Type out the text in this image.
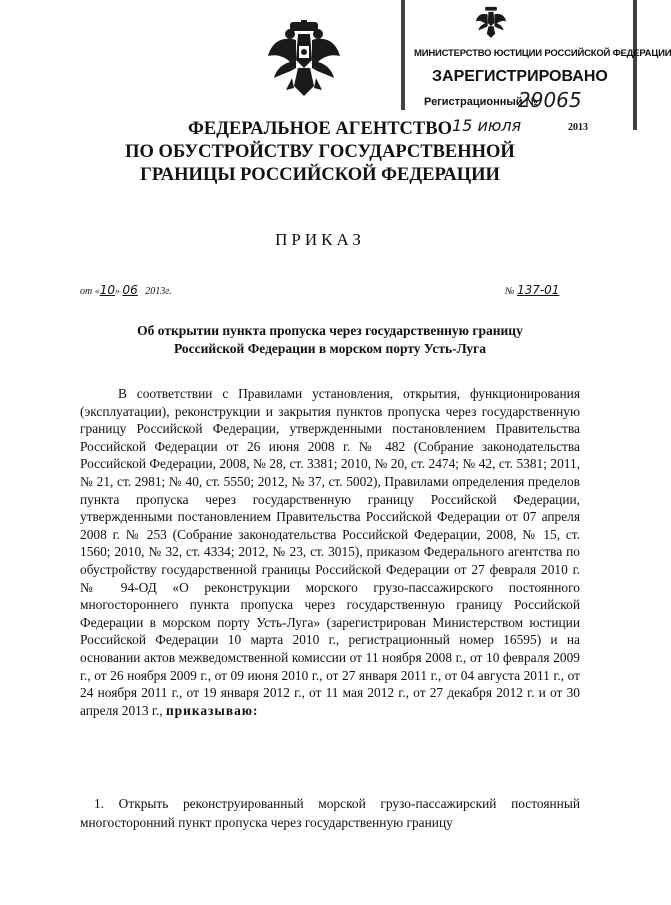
МИНИСТЕРСТВО ЮСТИЦИИ РОССИЙСКОЙ ФЕДЕРАЦИИ
ЗАРЕГИСТРИРОВАНО
Регистрационный №
29065
15 июля	2013
ФЕДЕРАЛЬНОЕ АГЕНТСТВО
ПО ОБУСТРОЙСТВУ ГОСУДАРСТВЕННОЙ
ГРАНИЦЫ РОССИЙСКОЙ ФЕДЕРАЦИИ
ПРИКАЗ
от «10» 06 2013г.	№ 137-01
Об открытии пункта пропуска через государственную границу
Российской Федерации в морском порту Усть-Луга

В соответствии с Правилами установления, открытия, функционирования (эксплуатации), реконструкции и закрытия пунктов пропуска через государственную границу Российской Федерации, утвержденными постановлением Правительства Российской Федерации от 26 июня 2008 г. № 482 (Собрание законодательства Российской Федерации, 2008, № 28, ст. 3381; 2010, № 20, ст. 2474; № 42, ст. 5381; 2011, № 21, ст. 2981; № 40, ст. 5550; 2012, № 37, ст. 5002), Правилами определения пределов пункта пропуска через государственную границу Российской Федерации, утвержденными постановлением Правительства Российской Федерации от 07 апреля 2008 г. № 253 (Собрание законодательства Российской Федерации, 2008, № 15, ст. 1560; 2010, № 32, ст. 4334; 2012, № 23, ст. 3015), приказом Федерального агентства по обустройству государственной границы Российской Федерации от 27 февраля 2010 г. № 94-ОД «О реконструкции морского грузо-пассажирского постоянного многостороннего пункта пропуска через государственную границу Российской Федерации в морском порту Усть-Луга» (зарегистрирован Министерством юстиции Российской Федерации 10 марта 2010 г., регистрационный номер 16595) и на основании актов межведомственной комиссии от 11 ноября 2008 г., от 10 февраля 2009 г., от 26 ноября 2009 г., от 09 июня 2010 г., от 27 января 2011 г., от 04 августа 2011 г., от 24 ноября 2011 г., от 19 января 2012 г., от 11 мая 2012 г., от 27 декабря 2012 г. и от 30 апреля 2013 г., приказываю:

1. Открыть реконструированный морской грузо-пассажирский постоянный многосторонний пункт пропуска через государственную границу
